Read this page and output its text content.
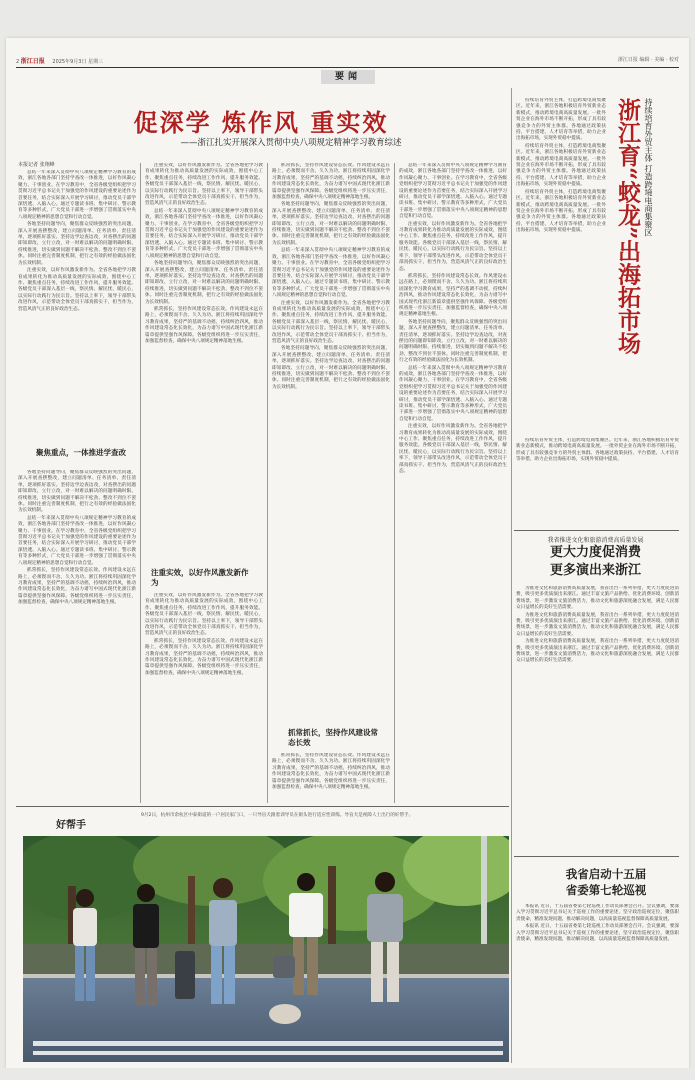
2 浙江日报 2025年9月3日 星期三	浙江日报 编辑 · 美编 · 校对
要闻
促深学 炼作风 重实效
——浙江扎实开展深入贯彻中央八项规定精神学习教育综述
本报记者 张翔峰

总结一年来深入贯彻中央八项规定精神学习教育的成效，浙江各地各部门坚持学查改一体推进，以好作风凝心聚力、干事创业。在学习教育中，全省各级党组织把学习贯彻习近平总书记关于加强党的作风建设的重要论述作为首要任务，结合实际深入开展学习研讨，推动党员干部学深悟透、入脑入心。通过专题读书班、集中研讨、警示教育等多种形式，广大党员干部进一步增强了贯彻落实中央八项规定精神的思想自觉和行动自觉。

各地坚持问题导向，聚焦群众反映强烈的突出问题，深入开展查摆整改，建立问题清单、任务清单、责任清单，逐项抓好落实。坚持边学边查边改，对查摆出的问题即知即改、立行立改，对一时难以解决的问题明确时限、持续推进，切实做到问题不解决不松劲、整改不到位不罢休。同时注重完善制度机制，把行之有效的经验做法固化为长效机制。

注重实效，以好作风激发新作为。全省各地把学习教育成果转化为推动高质量发展的实际成效，围绕中心工作、聚焦重点任务，持续改进工作作风，提升服务效能。各级党员干部深入基层一线，察民情、解民忧、暖民心，以实际行动践行为民宗旨。坚持以上率下，领导干部带头改进作风，示范带动全体党员干部真抓实干、担当作为，营造风清气正的良好政治生态。

聚焦重点，一体推进学查改

各地坚持问题导向，聚焦群众反映强烈的突出问题，深入开展查摆整改，建立问题清单、任务清单、责任清单，逐项抓好落实。坚持边学边查边改，对查摆出的问题即知即改、立行立改，对一时难以解决的问题明确时限、持续推进，切实做到问题不解决不松劲、整改不到位不罢休。同时注重完善制度机制，把行之有效的经验做法固化为长效机制。

总结一年来深入贯彻中央八项规定精神学习教育的成效，浙江各地各部门坚持学查改一体推进，以好作风凝心聚力、干事创业。在学习教育中，全省各级党组织把学习贯彻习近平总书记关于加强党的作风建设的重要论述作为首要任务，结合实际深入开展学习研讨，推动党员干部学深悟透、入脑入心。通过专题读书班、集中研讨、警示教育等多种形式，广大党员干部进一步增强了贯彻落实中央八项规定精神的思想自觉和行动自觉。

抓常抓长，坚持作风建设常态长效。作风建设永远在路上，必须锲而不舍、久久为功。浙江将持续巩固深化学习教育成果，坚持严的基调不动摇，持续纠治四风，推动作风建设常态化长效化，为奋力谱写中国式现代化浙江新篇章提供坚强作风保障。各级党组织将进一步压实责任，加强监督检查，确保中央八项规定精神落地生根。

注重实效，以好作风激发新作为。全省各地把学习教育成果转化为推动高质量发展的实际成效，围绕中心工作、聚焦重点任务，持续改进工作作风，提升服务效能。各级党员干部深入基层一线，察民情、解民忧、暖民心，以实际行动践行为民宗旨。坚持以上率下，领导干部带头改进作风，示范带动全体党员干部真抓实干、担当作为，营造风清气正的良好政治生态。

总结一年来深入贯彻中央八项规定精神学习教育的成效，浙江各地各部门坚持学查改一体推进，以好作风凝心聚力、干事创业。在学习教育中，全省各级党组织把学习贯彻习近平总书记关于加强党的作风建设的重要论述作为首要任务，结合实际深入开展学习研讨，推动党员干部学深悟透、入脑入心。通过专题读书班、集中研讨、警示教育等多种形式，广大党员干部进一步增强了贯彻落实中央八项规定精神的思想自觉和行动自觉。

各地坚持问题导向，聚焦群众反映强烈的突出问题，深入开展查摆整改，建立问题清单、任务清单、责任清单，逐项抓好落实。坚持边学边查边改，对查摆出的问题即知即改、立行立改，对一时难以解决的问题明确时限、持续推进，切实做到问题不解决不松劲、整改不到位不罢休。同时注重完善制度机制，把行之有效的经验做法固化为长效机制。

抓常抓长，坚持作风建设常态长效。作风建设永远在路上，必须锲而不舍、久久为功。浙江将持续巩固深化学习教育成果，坚持严的基调不动摇，持续纠治四风，推动作风建设常态化长效化，为奋力谱写中国式现代化浙江新篇章提供坚强作风保障。各级党组织将进一步压实责任，加强监督检查，确保中央八项规定精神落地生根。

注重实效，以好作风激发新作为

注重实效，以好作风激发新作为。全省各地把学习教育成果转化为推动高质量发展的实际成效，围绕中心工作、聚焦重点任务，持续改进工作作风，提升服务效能。各级党员干部深入基层一线，察民情、解民忧、暖民心，以实际行动践行为民宗旨。坚持以上率下，领导干部带头改进作风，示范带动全体党员干部真抓实干、担当作为，营造风清气正的良好政治生态。

抓常抓长，坚持作风建设常态长效。作风建设永远在路上，必须锲而不舍、久久为功。浙江将持续巩固深化学习教育成果，坚持严的基调不动摇，持续纠治四风，推动作风建设常态化长效化，为奋力谱写中国式现代化浙江新篇章提供坚强作风保障。各级党组织将进一步压实责任，加强监督检查，确保中央八项规定精神落地生根。

抓常抓长，坚持作风建设常态长效。作风建设永远在路上，必须锲而不舍、久久为功。浙江将持续巩固深化学习教育成果，坚持严的基调不动摇，持续纠治四风，推动作风建设常态化长效化，为奋力谱写中国式现代化浙江新篇章提供坚强作风保障。各级党组织将进一步压实责任，加强监督检查，确保中央八项规定精神落地生根。

各地坚持问题导向，聚焦群众反映强烈的突出问题，深入开展查摆整改，建立问题清单、任务清单、责任清单，逐项抓好落实。坚持边学边查边改，对查摆出的问题即知即改、立行立改，对一时难以解决的问题明确时限、持续推进，切实做到问题不解决不松劲、整改不到位不罢休。同时注重完善制度机制，把行之有效的经验做法固化为长效机制。

总结一年来深入贯彻中央八项规定精神学习教育的成效，浙江各地各部门坚持学查改一体推进，以好作风凝心聚力、干事创业。在学习教育中，全省各级党组织把学习贯彻习近平总书记关于加强党的作风建设的重要论述作为首要任务，结合实际深入开展学习研讨，推动党员干部学深悟透、入脑入心。通过专题读书班、集中研讨、警示教育等多种形式，广大党员干部进一步增强了贯彻落实中央八项规定精神的思想自觉和行动自觉。

注重实效，以好作风激发新作为。全省各地把学习教育成果转化为推动高质量发展的实际成效，围绕中心工作、聚焦重点任务，持续改进工作作风，提升服务效能。各级党员干部深入基层一线，察民情、解民忧、暖民心，以实际行动践行为民宗旨。坚持以上率下，领导干部带头改进作风，示范带动全体党员干部真抓实干、担当作为，营造风清气正的良好政治生态。

各地坚持问题导向，聚焦群众反映强烈的突出问题，深入开展查摆整改，建立问题清单、任务清单、责任清单，逐项抓好落实。坚持边学边查边改，对查摆出的问题即知即改、立行立改，对一时难以解决的问题明确时限、持续推进，切实做到问题不解决不松劲、整改不到位不罢休。同时注重完善制度机制，把行之有效的经验做法固化为长效机制。

抓常抓长，坚持作风建设常态长效

抓常抓长，坚持作风建设常态长效。作风建设永远在路上，必须锲而不舍、久久为功。浙江将持续巩固深化学习教育成果，坚持严的基调不动摇，持续纠治四风，推动作风建设常态化长效化，为奋力谱写中国式现代化浙江新篇章提供坚强作风保障。各级党组织将进一步压实责任，加强监督检查，确保中央八项规定精神落地生根。

总结一年来深入贯彻中央八项规定精神学习教育的成效，浙江各地各部门坚持学查改一体推进，以好作风凝心聚力、干事创业。在学习教育中，全省各级党组织把学习贯彻习近平总书记关于加强党的作风建设的重要论述作为首要任务，结合实际深入开展学习研讨，推动党员干部学深悟透、入脑入心。通过专题读书班、集中研讨、警示教育等多种形式，广大党员干部进一步增强了贯彻落实中央八项规定精神的思想自觉和行动自觉。

注重实效，以好作风激发新作为。全省各地把学习教育成果转化为推动高质量发展的实际成效，围绕中心工作、聚焦重点任务，持续改进工作作风，提升服务效能。各级党员干部深入基层一线，察民情、解民忧、暖民心，以实际行动践行为民宗旨。坚持以上率下，领导干部带头改进作风，示范带动全体党员干部真抓实干、担当作为，营造风清气正的良好政治生态。

抓常抓长，坚持作风建设常态长效。作风建设永远在路上，必须锲而不舍、久久为功。浙江将持续巩固深化学习教育成果，坚持严的基调不动摇，持续纠治四风，推动作风建设常态化长效化，为奋力谱写中国式现代化浙江新篇章提供坚强作风保障。各级党组织将进一步压实责任，加强监督检查，确保中央八项规定精神落地生根。

各地坚持问题导向，聚焦群众反映强烈的突出问题，深入开展查摆整改，建立问题清单、任务清单、责任清单，逐项抓好落实。坚持边学边查边改，对查摆出的问题即知即改、立行立改，对一时难以解决的问题明确时限、持续推进，切实做到问题不解决不松劲、整改不到位不罢休。同时注重完善制度机制，把行之有效的经验做法固化为长效机制。

总结一年来深入贯彻中央八项规定精神学习教育的成效，浙江各地各部门坚持学查改一体推进，以好作风凝心聚力、干事创业。在学习教育中，全省各级党组织把学习贯彻习近平总书记关于加强党的作风建设的重要论述作为首要任务，结合实际深入开展学习研讨，推动党员干部学深悟透、入脑入心。通过专题读书班、集中研讨、警示教育等多种形式，广大党员干部进一步增强了贯彻落实中央八项规定精神的思想自觉和行动自觉。

注重实效，以好作风激发新作为。全省各地把学习教育成果转化为推动高质量发展的实际成效，围绕中心工作、聚焦重点任务，持续改进工作作风，提升服务效能。各级党员干部深入基层一线，察民情、解民忧、暖民心，以实际行动践行为民宗旨。坚持以上率下，领导干部带头改进作风，示范带动全体党员干部真抓实干、担当作为，营造风清气正的良好政治生态。

持续培育外贸主体，打造跨境电商集聚区。近年来，浙江各地积极培育外贸新业态新模式，推动跨境电商高质量发展。一批外贸企业在海外市场不断开拓，形成了具有较强竞争力的外贸主体群。各地通过政策扶持、平台搭建、人才培育等举措，助力企业出海拓市场，实现外贸稳中提质。

持续培育外贸主体，打造跨境电商集聚区。近年来，浙江各地积极培育外贸新业态新模式，推动跨境电商高质量发展。一批外贸企业在海外市场不断开拓，形成了具有较强竞争力的外贸主体群。各地通过政策扶持、平台搭建、人才培育等举措，助力企业出海拓市场，实现外贸稳中提质。

持续培育外贸主体，打造跨境电商集聚区。近年来，浙江各地积极培育外贸新业态新模式，推动跨境电商高质量发展。一批外贸企业在海外市场不断开拓，形成了具有较强竞争力的外贸主体群。各地通过政策扶持、平台搭建、人才培育等举措，助力企业出海拓市场，实现外贸稳中提质。	持续培育外贸主体 打造跨境电商集聚区
浙江育“蛟龙”出海拓市场

持续培育外贸主体，打造跨境电商集聚区。近年来，浙江各地积极培育外贸新业态新模式，推动跨境电商高质量发展。一批外贸企业在海外市场不断开拓，形成了具有较强竞争力的外贸主体群。各地通过政策扶持、平台搭建、人才培育等举措，助力企业出海拓市场，实现外贸稳中提质。

我省推进文化和旅游消费高质量发展
更大力度促消费
更多演出来浙江

为推进文化和旅游消费高质量发展，我省出台一系列举措，更大力度促进消费，吸引更多优质演出来浙江。通过丰富文旅产品供给、优化消费环境、创新消费场景，进一步激发文旅消费活力，推动文化和旅游深度融合发展，满足人民群众日益增长的美好生活需要。

为推进文化和旅游消费高质量发展，我省出台一系列举措，更大力度促进消费，吸引更多优质演出来浙江。通过丰富文旅产品供给、优化消费环境、创新消费场景，进一步激发文旅消费活力，推动文化和旅游深度融合发展，满足人民群众日益增长的美好生活需要。

为推进文化和旅游消费高质量发展，我省出台一系列举措，更大力度促进消费，吸引更多优质演出来浙江。通过丰富文旅产品供给、优化消费环境、创新消费场景，进一步激发文旅消费活力，推动文化和旅游深度融合发展，满足人民群众日益增长的美好生活需要。

我省启动十五届
省委第七轮巡视

本报讯 近日，十五届省委第七轮巡视工作动员部署会召开。会议强调，要深入学习贯彻习近平总书记关于巡视工作的重要论述，坚守政治巡视定位，聚焦职责使命，精准发现问题，推动解决问题，以高质量巡视监督保障高质量发展。

本报讯 近日，十五届省委第七轮巡视工作动员部署会召开。会议强调，要深入学习贯彻习近平总书记关于巡视工作的重要论述，坚守政治巡视定位，聚焦职责使命，精准发现问题，推动解决问题，以高质量巡视监督保障高质量发展。

好帮手
9月2日，杭州市余杭区中泰街道的一户居民家门口，一只导盲犬跟着训导员在街头进行适应性训练。导盲犬是视障人士出行的好帮手。
